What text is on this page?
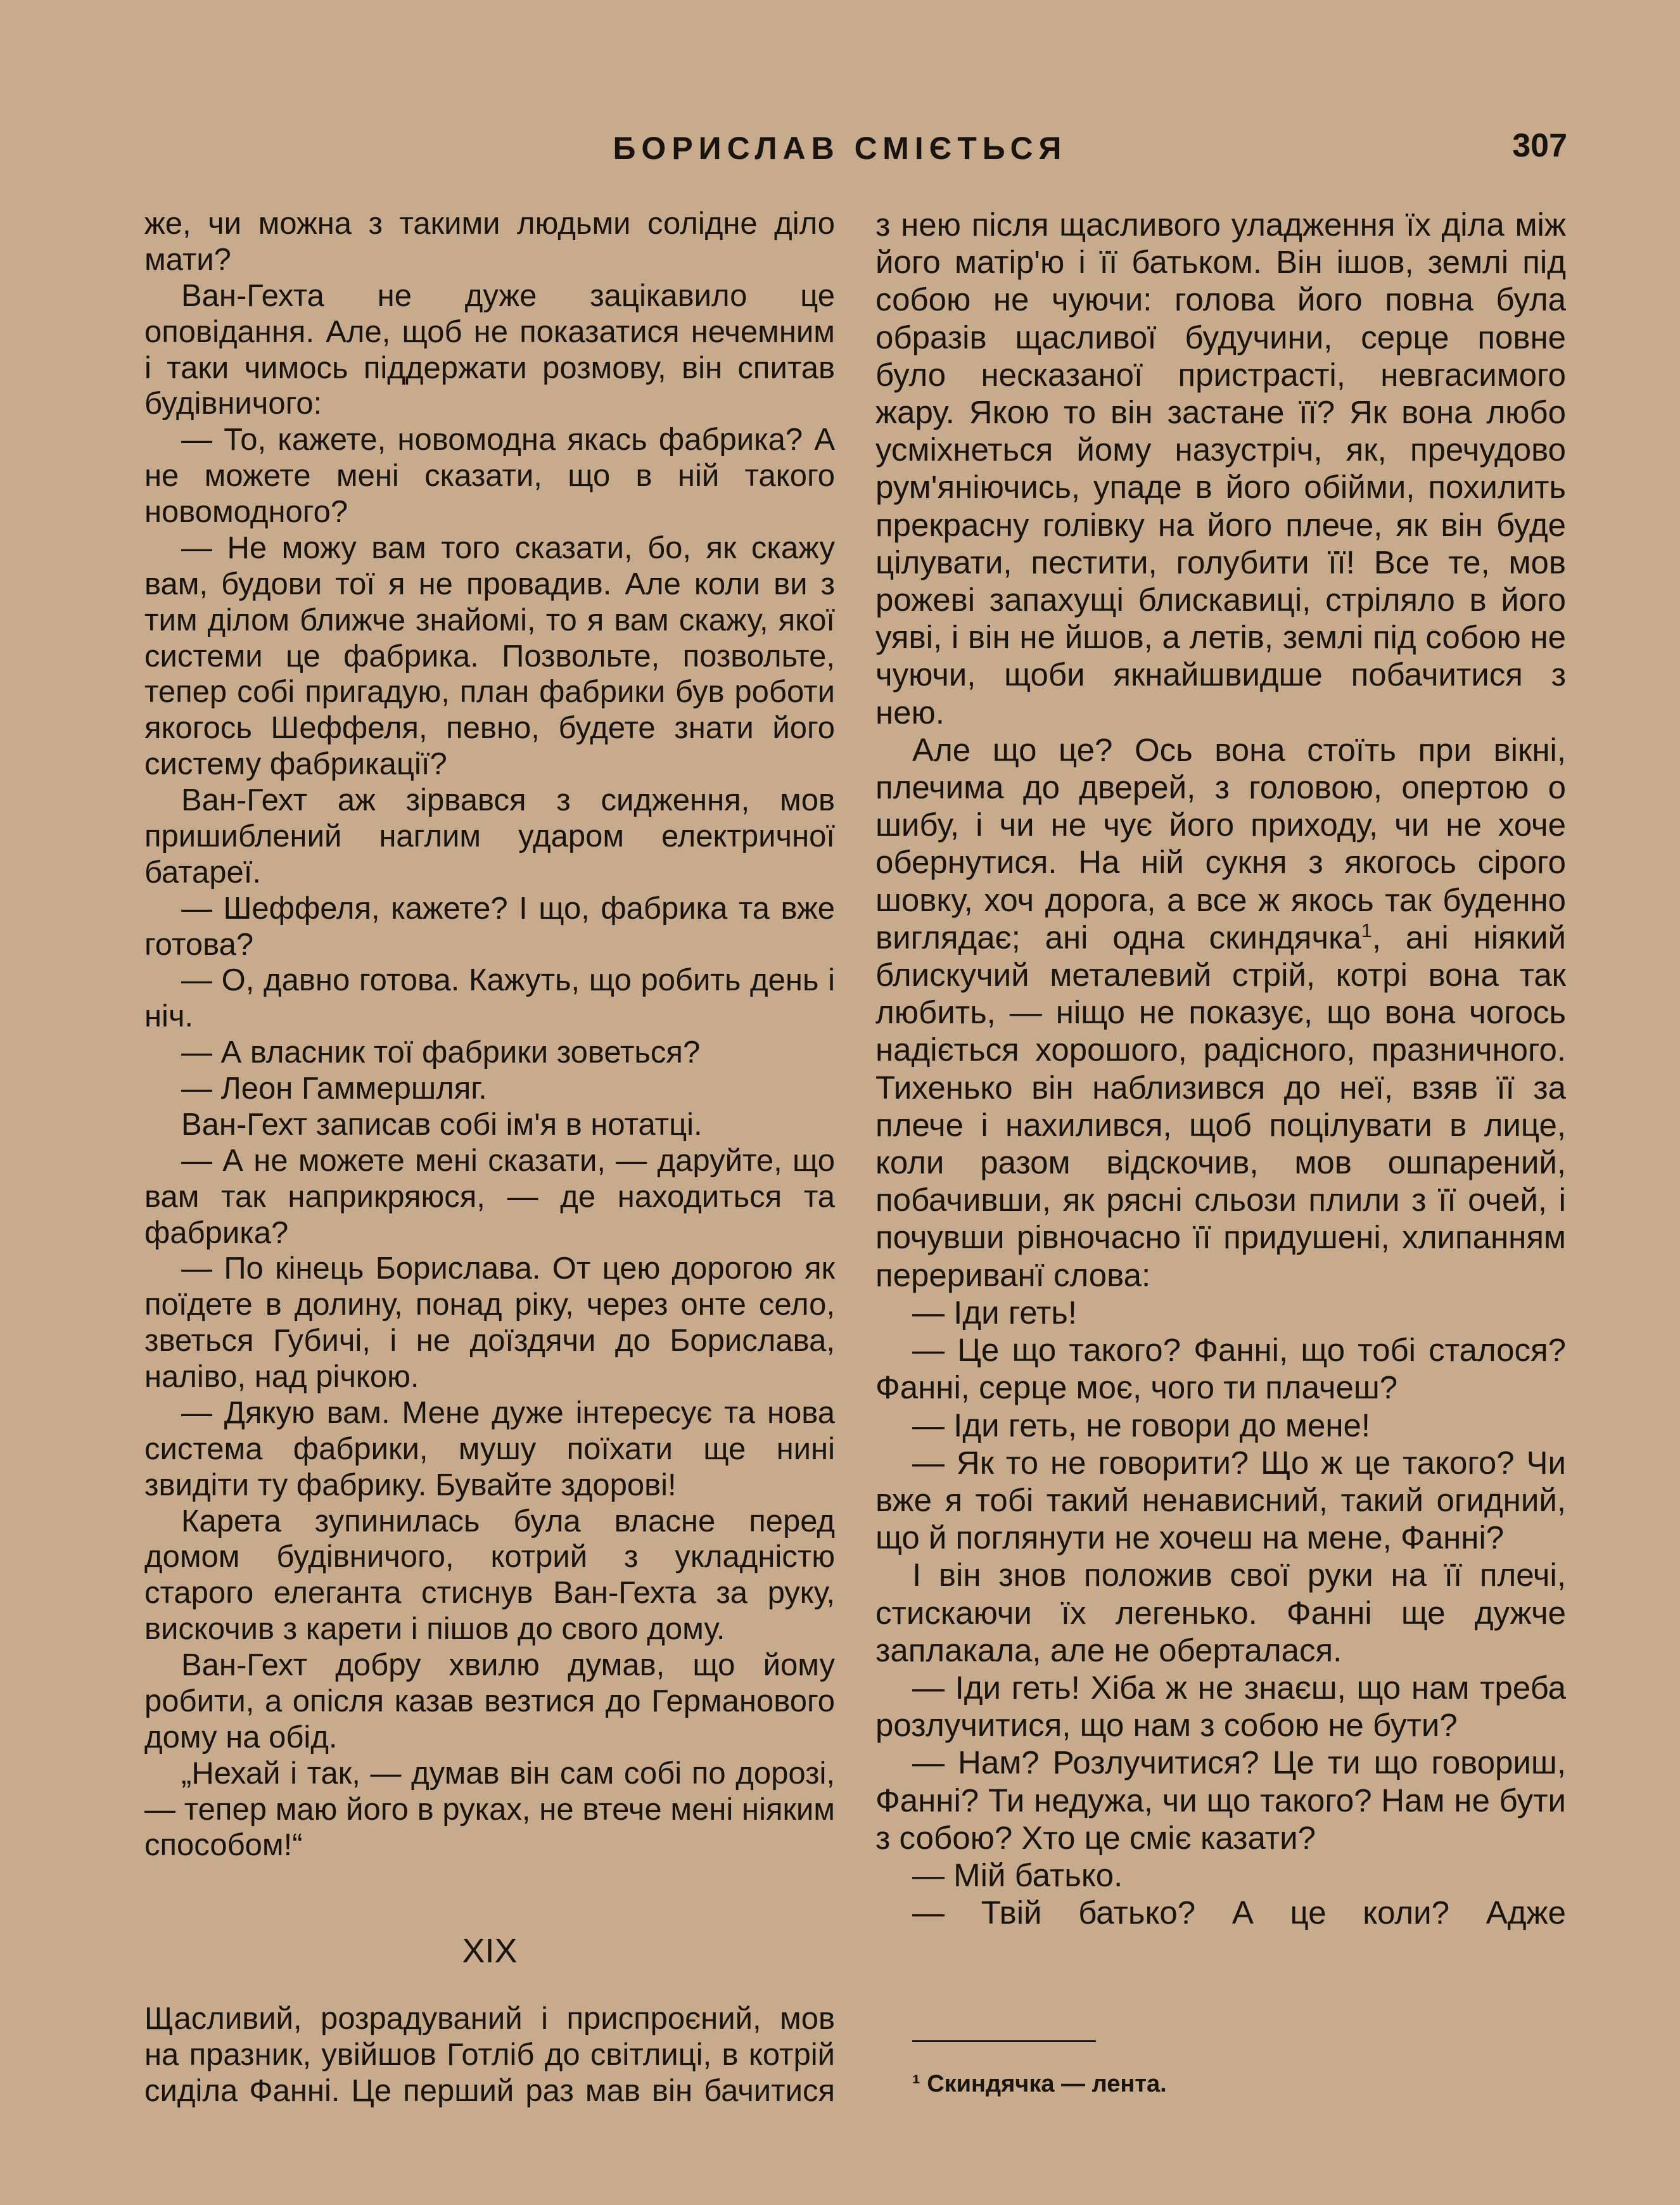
БОРИСЛАВ СМІЄТЬСЯ	307

же, чи можна з такими людьми солідне діло мати?

Ван-Гехта не дуже зацікавило це оповідання. Але, щоб не показатися нечемним і таки чимось піддержати розмову, він спитав будівничого:

— То, кажете, новомодна якась фабрика? А не можете мені сказати, що в ній такого новомодного?

— Не можу вам того сказати, бо, як скажу вам, будови тої я не провадив. Але коли ви з тим ділом ближче знайомі, то я вам скажу, якої системи це фабрика. Позвольте, позвольте, тепер собі пригадую, план фабрики був роботи якогось Шеффеля, певно, будете знати його систему фабрикації?

Ван-Гехт аж зірвався з сидження, мов пришиблений наглим ударом електричної батареї.

— Шеффеля, кажете? І що, фабрика та вже готова?

— О, давно готова. Кажуть, що робить день і ніч.

— А власник тої фабрики зоветься?

— Леон Гаммершляг.

Ван-Гехт записав собі ім'я в нотатці.

— А не можете мені сказати, — даруйте, що вам так наприкряюся, — де находиться та фабрика?

— По кінець Борислава. От цею дорогою як поїдете в долину, понад ріку, через онте село, зветься Губичі, і не доїздячи до Борислава, наліво, над річкою.

— Дякую вам. Мене дуже інтересує та нова система фабрики, мушу поїхати ще нині звидіти ту фабрику. Бувайте здорові!

Карета зупинилась була власне перед домом будівничого, котрий з укладністю старого елеганта стиснув Ван-Гехта за руку, вискочив з карети і пішов до свого дому.

Ван-Гехт добру хвилю думав, що йому робити, а опісля казав везтися до Германового дому на обід.

„Нехай і так, — думав він сам собі по дорозі, — тепер маю його в руках, не втече мені ніяким способом!“

XIX

Щасливий, розрадуваний і приспроєний, мов на празник, увійшов Готліб до світлиці, в котрій сиділа Фанні. Це перший раз мав він бачитися

з нею після щасливого уладження їх діла між його матір'ю і її батьком. Він ішов, землі під собою не чуючи: голова його повна була образів щасливої будучини, серце повне було несказаної пристрасті, невгасимого жару. Якою то він застане її? Як вона любо усміхнеться йому назустріч, як, пречудово рум'яніючись, упаде в його обійми, похилить прекрасну голівку на його плече, як він буде цілувати, пестити, голубити її! Все те, мов рожеві запахущі блискавиці, стріляло в його уяві, і він не йшов, а летів, землі під собою не чуючи, щоби якнайшвидше побачитися з нею.

Але що це? Ось вона стоїть при вікні, плечима до дверей, з головою, опертою о шибу, і чи не чує його приходу, чи не хоче обернутися. На ній сукня з якогось сірого шовку, хоч дорога, а все ж якось так буденно виглядає; ані одна скиндячка$^1$, ані ніякий блискучий металевий стрій, котрі вона так любить, — ніщо не показує, що вона чогось надіється хорошого, радісного, празничного. Тихенько він наблизився до неї, взяв її за плече і нахилився, щоб поцілувати в лице, коли разом відскочив, мов ошпарений, побачивши, як рясні сльози плили з її очей, і почувши рівночасно її придушені, хлипанням перериванї слова:

— Іди геть!

— Це що такого? Фанні, що тобі сталося? Фанні, серце моє, чого ти плачеш?

— Іди геть, не говори до мене!

— Як то не говорити? Що ж це такого? Чи вже я тобі такий ненависний, такий огидний, що й поглянути не хочеш на мене, Фанні?

І він знов положив свої руки на її плечі, стискаючи їх легенько. Фанні ще дужче заплакала, але не оберталася.

— Іди геть! Хіба ж не знаєш, що нам треба розлучитися, що нам з собою не бути?

— Нам? Розлучитися? Це ти що говориш, Фанні? Ти недужа, чи що такого? Нам не бути з собою? Хто це сміє казати?

— Мій батько.

— Твій батько? А це коли? Адже

¹ Скиндячка — лента.
